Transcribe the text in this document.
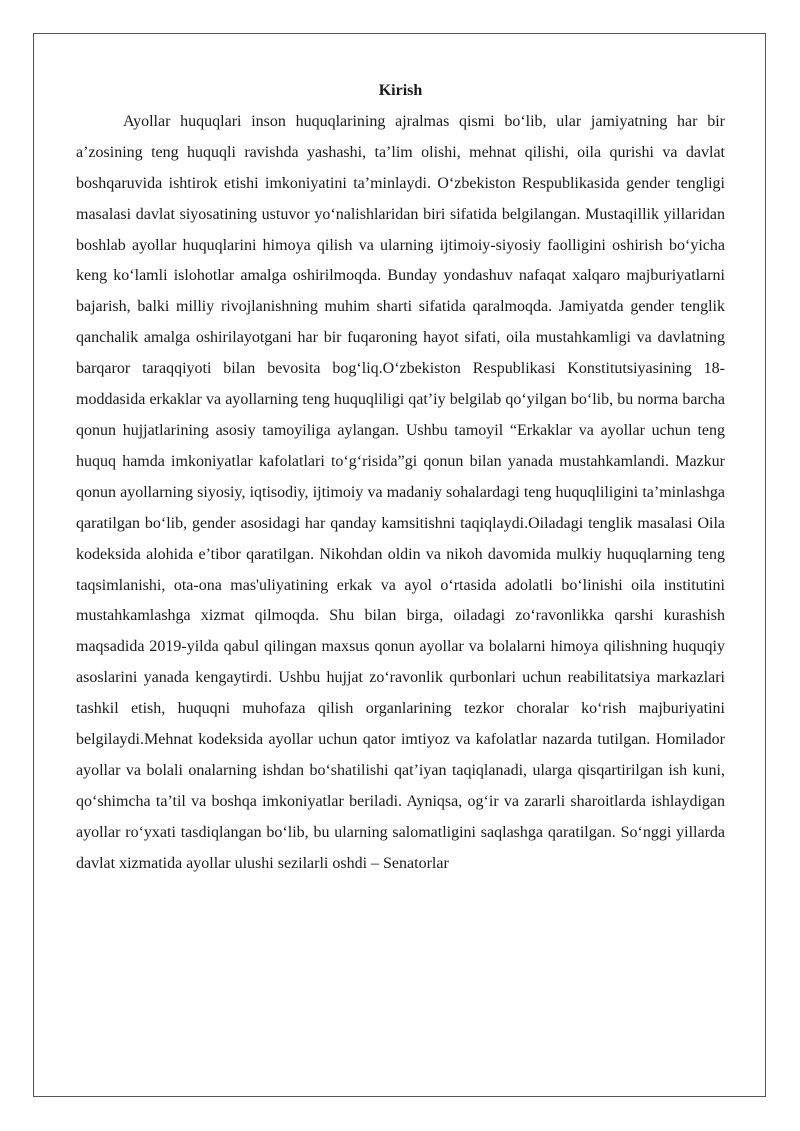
Kirish

Ayollar huquqlari inson huquqlarining ajralmas qismi bo‘lib, ular jamiyatning har bir a’zosining teng huquqli ravishda yashashi, ta’lim olishi, mehnat qilishi, oila qurishi va davlat boshqaruvida ishtirok etishi imkoniyatini ta’minlaydi. O‘zbekiston Respublikasida gender tengligi masalasi davlat siyosatining ustuvor yo‘nalishlaridan biri sifatida belgilangan. Mustaqillik yillaridan boshlab ayollar huquqlarini himoya qilish va ularning ijtimoiy-siyosiy faolligini oshirish bo‘yicha keng ko‘lamli islohotlar amalga oshirilmoqda. Bunday yondashuv nafaqat xalqaro majburiyatlarni bajarish, balki milliy rivojlanishning muhim sharti sifatida qaralmoqda. Jamiyatda gender tenglik qanchalik amalga oshirilayotgani har bir fuqaroning hayot sifati, oila mustahkamligi va davlatning barqaror taraqqiyoti bilan bevosita bog‘liq.O‘zbekiston Respublikasi Konstitutsiyasining 18-moddasida erkaklar va ayollarning teng huquqliligi qat’iy belgilab qo‘yilgan bo‘lib, bu norma barcha qonun hujjatlarining asosiy tamoyiliga aylangan. Ushbu tamoyil “Erkaklar va ayollar uchun teng huquq hamda imkoniyatlar kafolatlari to‘g‘risida”gi qonun bilan yanada mustahkamlandi. Mazkur qonun ayollarning siyosiy, iqtisodiy, ijtimoiy va madaniy sohalardagi teng huquqliligini ta’minlashga qaratilgan bo‘lib, gender asosidagi har qanday kamsitishni taqiqlaydi.Oiladagi tenglik masalasi Oila kodeksida alohida e’tibor qaratilgan. Nikohdan oldin va nikoh davomida mulkiy huquqlarning teng taqsimlanishi, ota-ona mas'uliyatining erkak va ayol o‘rtasida adolatli bo‘linishi oila institutini mustahkamlashga xizmat qilmoqda. Shu bilan birga, oiladagi zo‘ravonlikka qarshi kurashish maqsadida 2019-yilda qabul qilingan maxsus qonun ayollar va bolalarni himoya qilishning huquqiy asoslarini yanada kengaytirdi. Ushbu hujjat zo‘ravonlik qurbonlari uchun reabilitatsiya markazlari tashkil etish, huquqni muhofaza qilish organlarining tezkor choralar ko‘rish majburiyatini belgilaydi.Mehnat kodeksida ayollar uchun qator imtiyoz va kafolatlar nazarda tutilgan. Homilador ayollar va bolali onalarning ishdan bo‘shatilishi qat’iyan taqiqlanadi, ularga qisqartirilgan ish kuni, qo‘shimcha ta’til va boshqa imkoniyatlar beriladi. Ayniqsa, og‘ir va zararli sharoitlarda ishlaydigan ayollar ro‘yxati tasdiqlangan bo‘lib, bu ularning salomatligini saqlashga qaratilgan. So‘nggi yillarda davlat xizmatida ayollar ulushi sezilarli oshdi – Senatorlar
